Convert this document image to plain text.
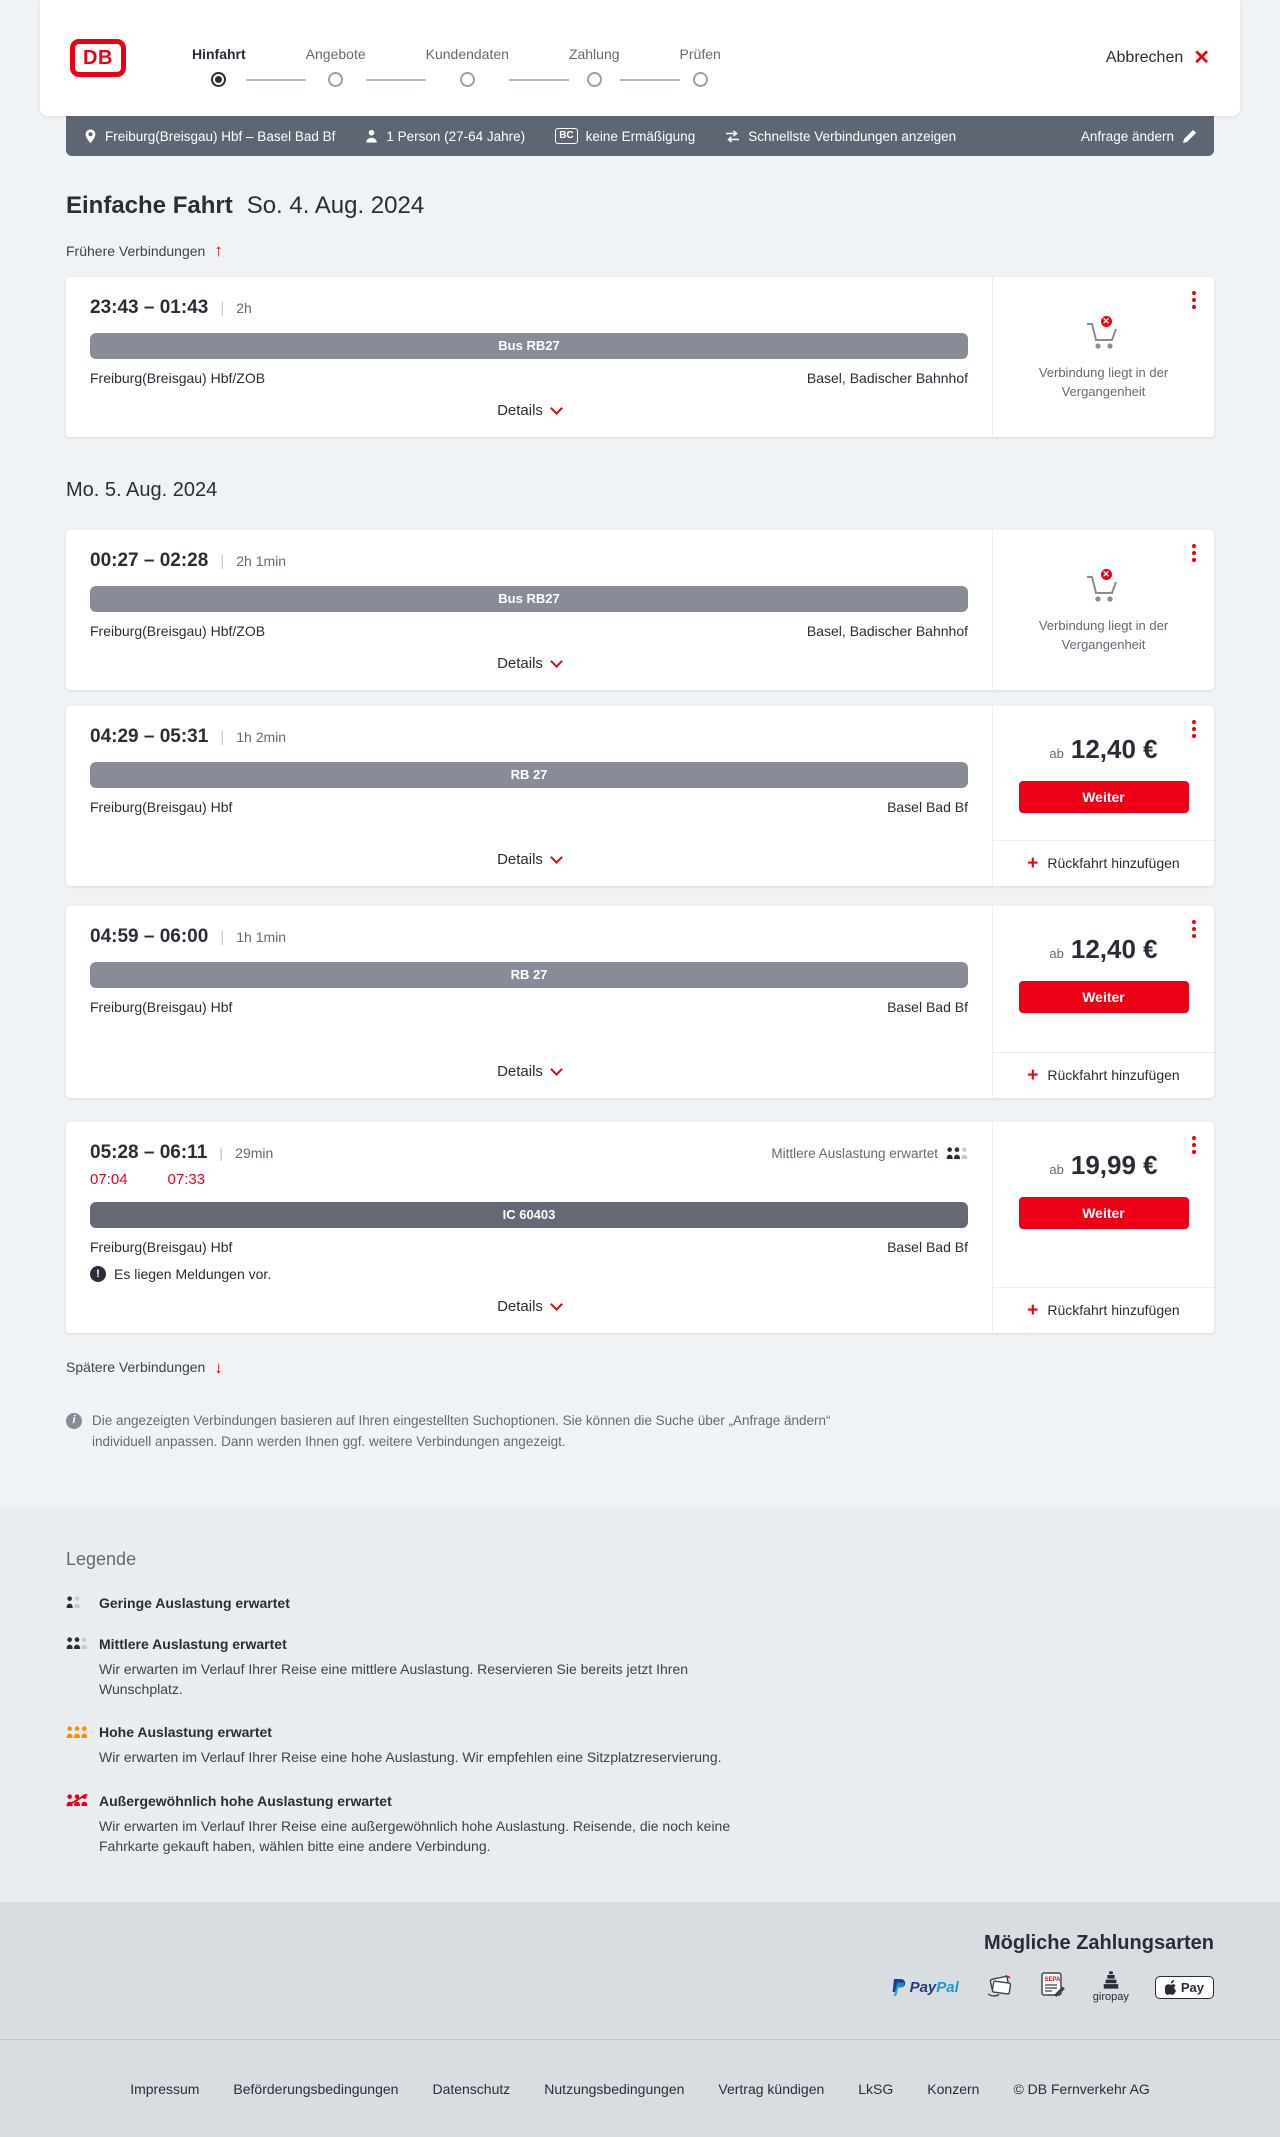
DB	Hinfahrt	Angebote	Kundendaten	Zahlung	Prüfen	Abbrechen ✕
Freiburg(Breisgau) Hbf – Basel Bad Bf	1 Person (27-64 Jahre)	BC keine Ermäßigung	Schnellste Verbindungen anzeigen	Anfrage ändern
Einfache Fahrt So. 4. Aug. 2024
Frühere Verbindungen ↑
23:43 – 01:43 | 2h
Bus RB27
Freiburg(Breisgau) Hbf/ZOB	Basel, Badischer Bahnhof
Details
✕
Verbindung liegt in der Vergangenheit
Mo. 5. Aug. 2024
00:27 – 02:28 | 2h 1min
Bus RB27
Freiburg(Breisgau) Hbf/ZOB	Basel, Badischer Bahnhof
Details
✕
Verbindung liegt in der Vergangenheit
04:29 – 05:31 | 1h 2min
RB 27
Freiburg(Breisgau) Hbf	Basel Bad Bf
Details
ab 12,40 €
Weiter
+ Rückfahrt hinzufügen
04:59 – 06:00 | 1h 1min
RB 27
Freiburg(Breisgau) Hbf	Basel Bad Bf
Details
ab 12,40 €
Weiter
+ Rückfahrt hinzufügen
05:28 – 06:11 | 29min	Mittlere Auslastung erwartet
07:04	07:33
IC 60403
Freiburg(Breisgau) Hbf	Basel Bad Bf
!	Es liegen Meldungen vor.
Details
ab 19,99 €
Weiter
+ Rückfahrt hinzufügen
Spätere Verbindungen ↓
i	Die angezeigten Verbindungen basieren auf Ihren eingestellten Suchoptionen. Sie können die Suche über „Anfrage ändern“ individuell anpassen. Dann werden Ihnen ggf. weitere Verbindungen angezeigt.
Legende
Geringe Auslastung erwartet
Mittlere Auslastung erwartet
Wir erwarten im Verlauf Ihrer Reise eine mittlere Auslastung. Reservieren Sie bereits jetzt Ihren Wunschplatz.
Hohe Auslastung erwartet
Wir erwarten im Verlauf Ihrer Reise eine hohe Auslastung. Wir empfehlen eine Sitzplatzreservierung.
Außergewöhnlich hohe Auslastung erwartet
Wir erwarten im Verlauf Ihrer Reise eine außergewöhnlich hohe Auslastung. Reisende, die noch keine Fahrkarte gekauft haben, wählen bitte eine andere Verbindung.
Mögliche Zahlungsarten
PayPal	SEPA
giropay
Pay
Impressum Beförderungsbedingungen Datenschutz Nutzungsbedingungen Vertrag kündigen LkSG Konzern © DB Fernverkehr AG
